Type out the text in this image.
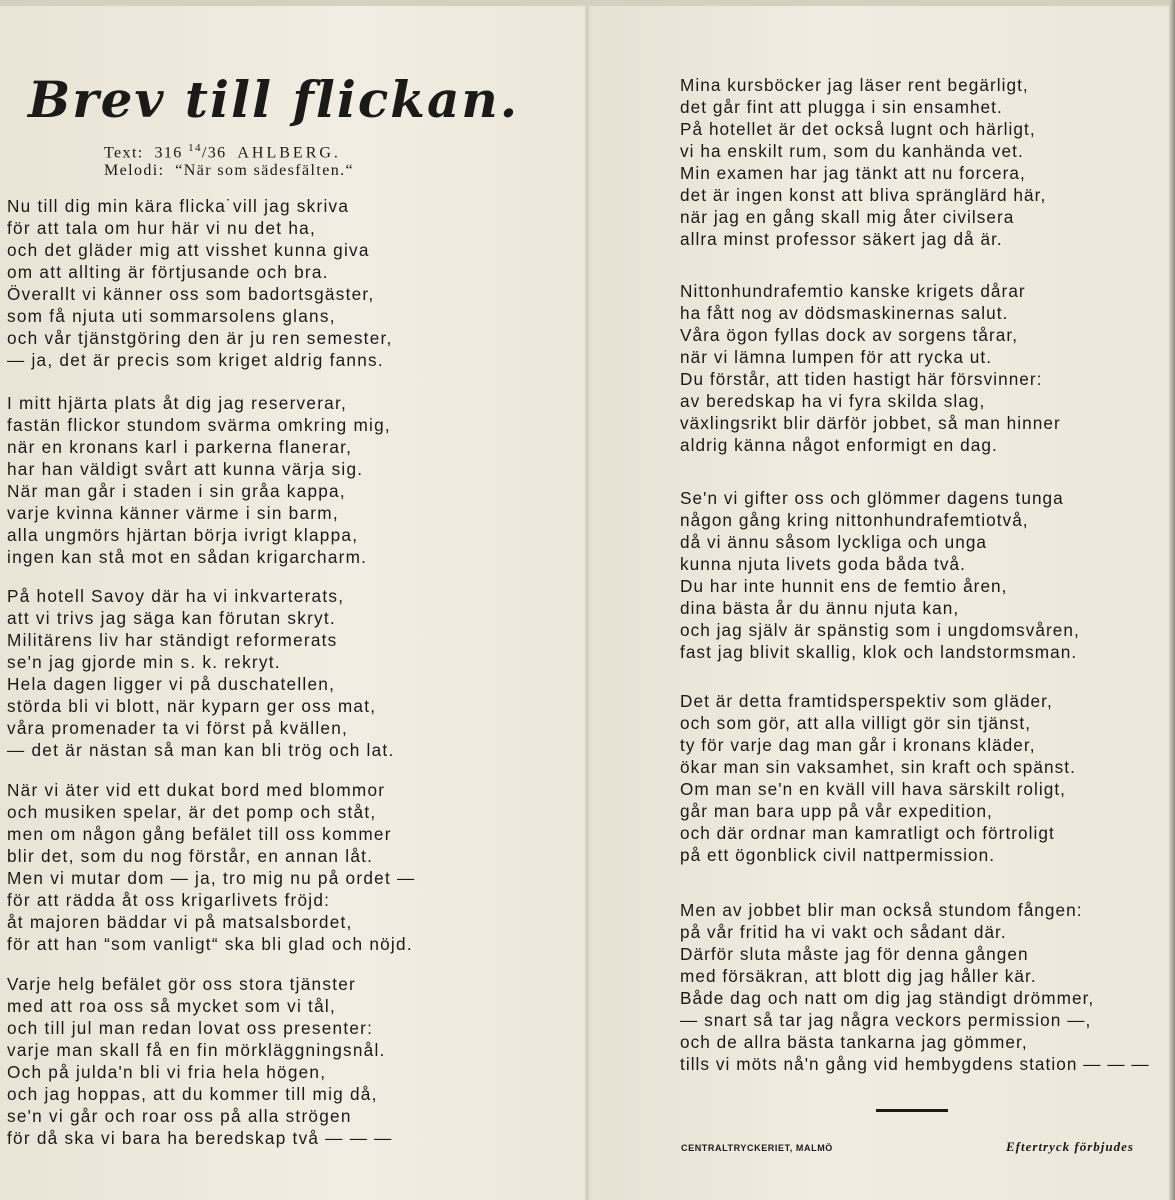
Brev till flickan.
Text: 316 $^{14}$/36 AHLBERG.
Melodi: “När som sädesfälten.“
Nu till dig min kära flicka˙vill jag skriva
för att tala om hur här vi nu det ha,
och det gläder mig att visshet kunna giva
om att allting är förtjusande och bra.
Överallt vi känner oss som badortsgäster,
som få njuta uti sommarsolens glans,
och vår tjänstgöring den är ju ren semester,
— ja, det är precis som kriget aldrig fanns.
I mitt hjärta plats åt dig jag reserverar,
fastän flickor stundom svärma omkring mig,
när en kronans karl i parkerna flanerar,
har han väldigt svårt att kunna värja sig.
När man går i staden i sin gråa kappa,
varje kvinna känner värme i sin barm,
alla ungmörs hjärtan börja ivrigt klappa,
ingen kan stå mot en sådan krigarcharm.
På hotell Savoy där ha vi inkvarterats,
att vi trivs jag säga kan förutan skryt.
Militärens liv har ständigt reformerats
se'n jag gjorde min s. k. rekryt.
Hela dagen ligger vi på duschatellen,
störda bli vi blott, när kyparn ger oss mat,
våra promenader ta vi först på kvällen,
— det är nästan så man kan bli trög och lat.
När vi äter vid ett dukat bord med blommor
och musiken spelar, är det pomp och ståt,
men om någon gång befälet till oss kommer
blir det, som du nog förstår, en annan låt.
Men vi mutar dom — ja, tro mig nu på ordet —
för att rädda åt oss krigarlivets fröjd:
åt majoren bäddar vi på matsalsbordet,
för att han “som vanligt“ ska bli glad och nöjd.
Varje helg befälet gör oss stora tjänster
med att roa oss så mycket som vi tål,
och till jul man redan lovat oss presenter:
varje man skall få en fin mörkläggningsnål.
Och på julda'n bli vi fria hela högen,
och jag hoppas, att du kommer till mig då,
se'n vi går och roar oss på alla strögen
för då ska vi bara ha beredskap två — — —
Mina kursböcker jag läser rent begärligt,
det går fint att plugga i sin ensamhet.
På hotellet är det också lugnt och härligt,
vi ha enskilt rum, som du kanhända vet.
Min examen har jag tänkt att nu forcera,
det är ingen konst att bliva spränglärd här,
när jag en gång skall mig åter civilsera
allra minst professor säkert jag då är.
Nittonhundrafemtio kanske krigets dårar
ha fått nog av dödsmaskinernas salut.
Våra ögon fyllas dock av sorgens tårar,
när vi lämna lumpen för att rycka ut.
Du förstår, att tiden hastigt här försvinner:
av beredskap ha vi fyra skilda slag,
växlingsrikt blir därför jobbet, så man hinner
aldrig känna något enformigt en dag.
Se'n vi gifter oss och glömmer dagens tunga
någon gång kring nittonhundrafemtiotvå,
då vi ännu såsom lyckliga och unga
kunna njuta livets goda båda två.
Du har inte hunnit ens de femtio åren,
dina bästa år du ännu njuta kan,
och jag själv är spänstig som i ungdomsvåren,
fast jag blivit skallig, klok och landstormsman.
Det är detta framtidsperspektiv som gläder,
och som gör, att alla villigt gör sin tjänst,
ty för varje dag man går i kronans kläder,
ökar man sin vaksamhet, sin kraft och spänst.
Om man se'n en kväll vill hava särskilt roligt,
går man bara upp på vår expedition,
och där ordnar man kamratligt och förtroligt
på ett ögonblick civil nattpermission.
Men av jobbet blir man också stundom fången:
på vår fritid ha vi vakt och sådant där.
Därför sluta måste jag för denna gången
med försäkran, att blott dig jag håller kär.
Både dag och natt om dig jag ständigt drömmer,
— snart så tar jag några veckors permission —,
och de allra bästa tankarna jag gömmer,
tills vi möts nå'n gång vid hembygdens station — — —
CENTRALTRYCKERIET, MALMÖ	Eftertryck förbjudes
